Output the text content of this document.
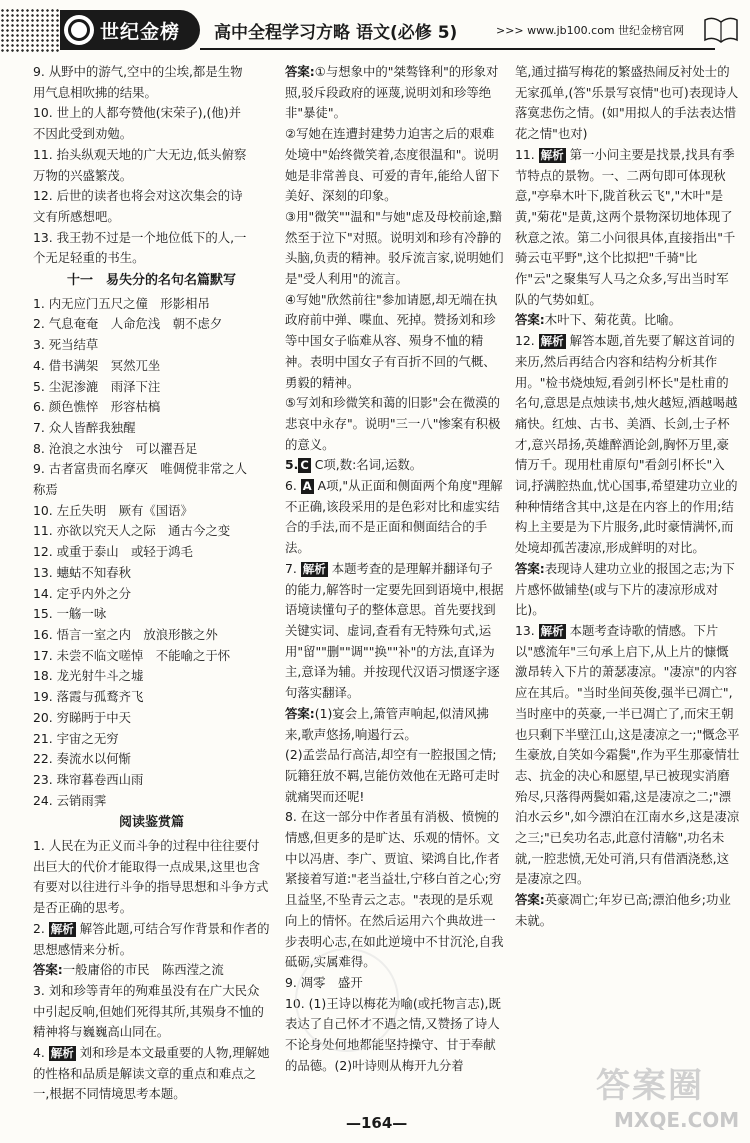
世纪金榜 高中全程学习方略 语文(必修 5)	>>> www.jb100.com 世纪金榜官网

9. 从野中的游气,空中的尘埃,都是生物

用气息相吹拂的结果。

10. 世上的人都夸赞他(宋荣子),(他)并

不因此受到劝勉。

11. 抬头纵观天地的广大无边,低头俯察

万物的兴盛繁茂。

12. 后世的读者也将会对这次集会的诗

文有所感想吧。

13. 我王勃不过是一个地位低下的人,一

个无足轻重的书生。

十一　易失分的名句名篇默写

1. 内无应门五尺之僮　形影相吊

2. 气息奄奄　人命危浅　朝不虑夕

3. 死当结草

4. 借书满架　冥然兀坐

5. 尘泥渗漉　雨泽下注

6. 颜色憔悴　形容枯槁

7. 众人皆醉我独醒

8. 沧浪之水浊兮　可以濯吾足

9. 古者富贵而名摩灭　唯倜傥非常之人

称焉

10. 左丘失明　厥有《国语》

11. 亦欲以究天人之际　通古今之变

12. 或重于泰山　或轻于鸿毛

13. 蟪蛄不知春秋

14. 定乎内外之分

15. 一觞一咏

16. 悟言一室之内　放浪形骸之外

17. 未尝不临文嗟悼　不能喻之于怀

18. 龙光射牛斗之墟

19. 落霞与孤鹜齐飞

20. 穷睇眄于中天

21. 宇宙之无穷

22. 奏流水以何惭

23. 珠帘暮卷西山雨

24. 云销雨霁

阅读鉴赏篇

1. 人民在为正义而斗争的过程中往往要付出巨大的代价才能取得一点成果,这里也含有要对以往进行斗争的指导思想和斗争方式是否正确的思考。

2. 解析 解答此题,可结合写作背景和作者的思想感情来分析。

答案:一般庸俗的市民　陈西滢之流

3. 刘和珍等青年的殉难虽没有在广大民众中引起反响,但她们死得其所,其殒身不恤的精神将与巍巍高山同在。

4. 解析 刘和珍是本文最重要的人物,理解她的性格和品质是解读文章的重点和难点之一,根据不同情境思考本题。

答案:①与想象中的"桀骜锋利"的形象对照,驳斥段政府的诬蔑,说明刘和珍等绝非"暴徒"。

②写她在连遭封建势力迫害之后的艰难处境中"始终微笑着,态度很温和"。说明她是非常善良、可爱的青年,能给人留下美好、深刻的印象。

③用"微笑""温和"与她"虑及母校前途,黯然至于泣下"对照。说明刘和珍有冷静的头脑,负责的精神。驳斥流言家,说明她们是"受人利用"的流言。

④写她"欣然前往"参加请愿,却无端在执政府前中弹、喋血、死掉。赞扬刘和珍等中国女子临难从容、殒身不恤的精神。表明中国女子有百折不回的气概、勇毅的精神。

⑤写刘和珍微笑和蔼的旧影"会在微漠的悲哀中永存"。说明"三一八"惨案有积极的意义。

5. C C项,数:名词,运数。

6. A A项,"从正面和侧面两个角度"理解不正确,该段采用的是色彩对比和虚实结合的手法,而不是正面和侧面结合的手法。

7. 解析 本题考查的是理解并翻译句子的能力,解答时一定要先回到语境中,根据语境读懂句子的整体意思。首先要找到关键实词、虚词,查看有无特殊句式,运用"留""删""调""换""补"的方法,直译为主,意译为辅。并按现代汉语习惯逐字逐句落实翻译。

答案:(1)宴会上,箫管声响起,似清风拂来,歌声悠扬,响遏行云。

(2)孟尝品行高洁,却空有一腔报国之情;阮籍狂放不羁,岂能仿效他在无路可走时就痛哭而还呢!

8. 在这一部分中作者虽有消极、愤惋的情感,但更多的是旷达、乐观的情怀。文中以冯唐、李广、贾谊、梁鸿自比,作者紧接着写道:"老当益壮,宁移白首之心;穷且益坚,不坠青云之志。"表现的是乐观向上的情怀。在然后运用六个典故进一步表明心志,在如此逆境中不甘沉沦,自我砥砺,实属难得。

9. 凋零　盛开

10. (1)王诗以梅花为喻(或托物言志),既表达了自己怀才不遇之情,又赞扬了诗人不论身处何地都能坚持操守、甘于奉献的品德。(2)叶诗则从梅开九分着

笔,通过描写梅花的繁盛热闹反衬处士的无家孤单,(答"乐景写哀情"也可)表现诗人落寞悲伤之情。(如"用拟人的手法表达惜花之情"也对)

11. 解析 第一小问主要是找景,找具有季节特点的景物。一、二两句即可体现秋意,"亭皋木叶下,陇首秋云飞","木叶"是黄,"菊花"是黄,这两个景物深切地体现了秋意之浓。第二小问很具体,直接指出"千骑云屯平野",这个比拟把"千骑"比作"云"之聚集写人马之众多,写出当时军队的气势如虹。

答案:木叶下、菊花黄。比喻。

12. 解析 解答本题,首先要了解这首词的来历,然后再结合内容和结构分析其作用。"检书烧烛短,看剑引杯长"是杜甫的名句,意思是点烛读书,烛火越短,酒越喝越痛快。红烛、古书、美酒、长剑,士子杯才,意兴昂扬,英雄醉酒论剑,胸怀万里,豪情万千。现用杜甫原句"看剑引杯长"入词,抒满腔热血,忧心国事,希望建功立业的种种情绪含其中,这是在内容上的作用;结构上主要是为下片服务,此时豪情满怀,而处境却孤苦凄凉,形成鲜明的对比。

答案:表现诗人建功立业的报国之志;为下片感怀做铺垫(或与下片的凄凉形成对比)。

13. 解析 本题考查诗歌的情感。下片以"感流年"三句承上启下,从上片的慷慨激昂转入下片的萧瑟凄凉。"凄凉"的内容应在其后。"当时坐间英俊,强半已凋亡",当时座中的英豪,一半已凋亡了,而宋王朝也只剩下半壁江山,这是凄凉之一;"慨念平生豪放,自笑如今霜鬓",作为平生那豪情壮志、抗金的决心和愿望,早已被现实消磨殆尽,只落得两鬓如霜,这是凄凉之二;"漂泊水云乡",如今漂泊在江南水乡,这是凄凉之三;"已矣功名志,此意付清觞",功名未就,一腔悲愤,无处可消,只有借酒浇愁,这是凄凉之四。

答案:英豪凋亡;年岁已高;漂泊他乡;功业未就。

—164—
答案圈
MXQE.COM
